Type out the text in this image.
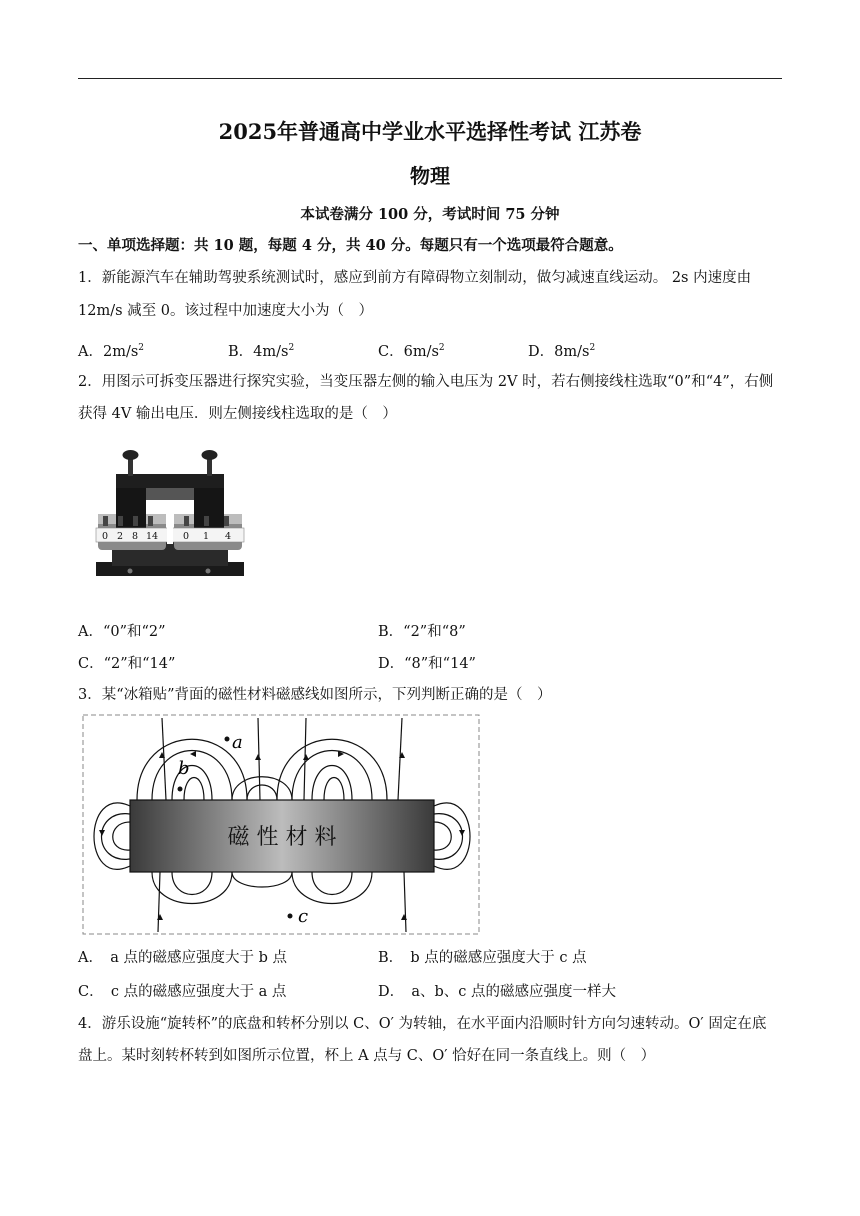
2025年普通高中学业水平选择性考试 江苏卷
物理
本试卷满分 100 分，考试时间 75 分钟
一、单项选择题：共 10 题，每题 4 分，共 40 分。每题只有一个选项最符合题意。
1．新能源汽车在辅助驾驶系统测试时，感应到前方有障碍物立刻制动，做匀减速直线运动。 2s 内速度由
12m/s 减至 0。该过程中加速度大小为（　）
A．$2m/s^2$	B．$4m/s^2$	C．$6m/s^2$	D．$8m/s^2$
2．用图示可拆变压器进行探究实验，当变压器左侧的输入电压为 2V 时，若右侧接线柱选取“0”和“4”，右侧
获得 4V 输出电压．则左侧接线柱选取的是（　）
0 2 8 14	0 1 4
A．“0”和“2”	B．“2”和“8”
C．“2”和“14”	D．“8”和“14”
3．某“冰箱贴”背面的磁性材料磁感线如图所示，下列判断正确的是（　）
磁 性 材 料
a
b
c
A．　a 点的磁感应强度大于 b 点	B．　b 点的磁感应强度大于 c 点
C．　c 点的磁感应强度大于 a 点	D．　a、b、c 点的磁感应强度一样大
4．游乐设施“旋转杯”的底盘和转杯分别以 C、O′ 为转轴，在水平面内沿顺时针方向匀速转动。O′ 固定在底
盘上。某时刻转杯转到如图所示位置，杯上 A 点与 C、O′ 恰好在同一条直线上。则（　）
